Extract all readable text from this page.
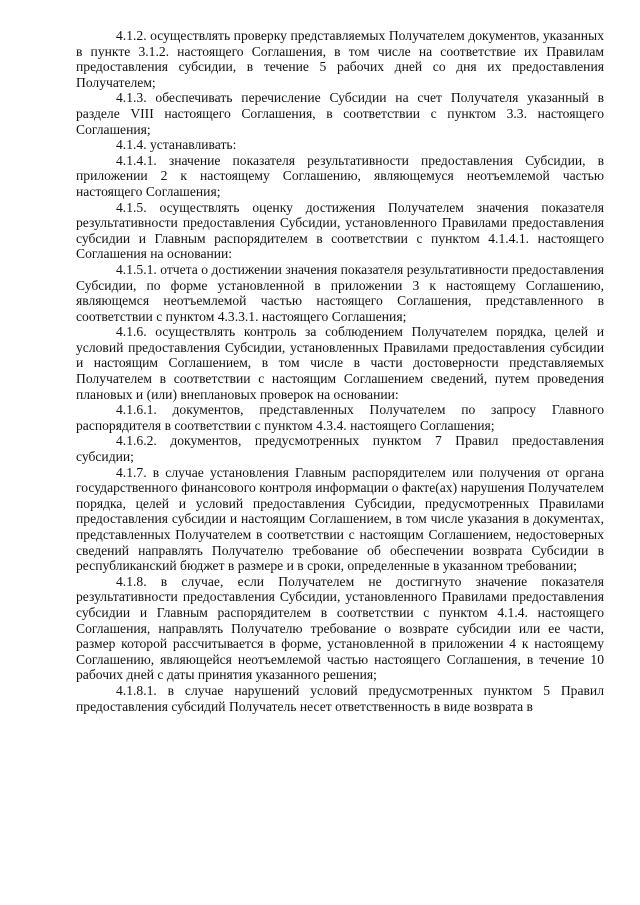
4.1.2. осуществлять проверку представляемых Получателем документов, указанных в пункте 3.1.2. настоящего Соглашения, в том числе на соответствие их Правилам предоставления субсидии, в течение 5 рабочих дней со дня их предоставления Получателем;

4.1.3. обеспечивать перечисление Субсидии на счет Получателя указанный в разделе VIII настоящего Соглашения, в соответствии с пунктом 3.3. настоящего Соглашения;

4.1.4. устанавливать:

4.1.4.1. значение показателя результативности предоставления Субсидии, в приложении 2 к настоящему Соглашению, являющемуся неотъемлемой частью настоящего Соглашения;

4.1.5. осуществлять оценку достижения Получателем значения показателя результативности предоставления Субсидии, установленного Правилами предоставления субсидии и Главным распорядителем в соответствии с пунктом 4.1.4.1. настоящего Соглашения на основании:

4.1.5.1. отчета о достижении значения показателя результативности предоставления Субсидии, по форме установленной в приложении 3 к настоящему Соглашению, являющемся неотъемлемой частью настоящего Соглашения, представленного в соответствии с пунктом 4.3.3.1. настоящего Соглашения;

4.1.6. осуществлять контроль за соблюдением Получателем порядка, целей и условий предоставления Субсидии, установленных Правилами предоставления субсидии и настоящим Соглашением, в том числе в части достоверности представляемых Получателем в соответствии с настоящим Соглашением сведений, путем проведения плановых и (или) внеплановых проверок на основании:

4.1.6.1. документов, представленных Получателем по запросу Главного распорядителя в соответствии с пунктом 4.3.4. настоящего Соглашения;

4.1.6.2. документов, предусмотренных пунктом 7 Правил предоставления субсидии;

4.1.7. в случае установления Главным распорядителем или получения от органа государственного финансового контроля информации о факте(ах) нарушения Получателем порядка, целей и условий предоставления Субсидии, предусмотренных Правилами предоставления субсидии и настоящим Соглашением, в том числе указания в документах, представленных Получателем в соответствии с настоящим Соглашением, недостоверных сведений направлять Получателю требование об обеспечении возврата Субсидии в республиканский бюджет в размере и в сроки, определенные в указанном требовании;

4.1.8. в случае, если Получателем не достигнуто значение показателя результативности предоставления Субсидии, установленного Правилами предоставления субсидии и Главным распорядителем в соответствии с пунктом 4.1.4. настоящего Соглашения, направлять Получателю требование о возврате субсидии или ее части, размер которой рассчитывается в форме, установленной в приложении 4 к настоящему Соглашению, являющейся неотъемлемой частью настоящего Соглашения, в течение 10 рабочих дней с даты принятия указанного решения;

4.1.8.1. в случае нарушений условий предусмотренных пунктом 5 Правил предоставления субсидий Получатель несет ответственность в виде возврата в
